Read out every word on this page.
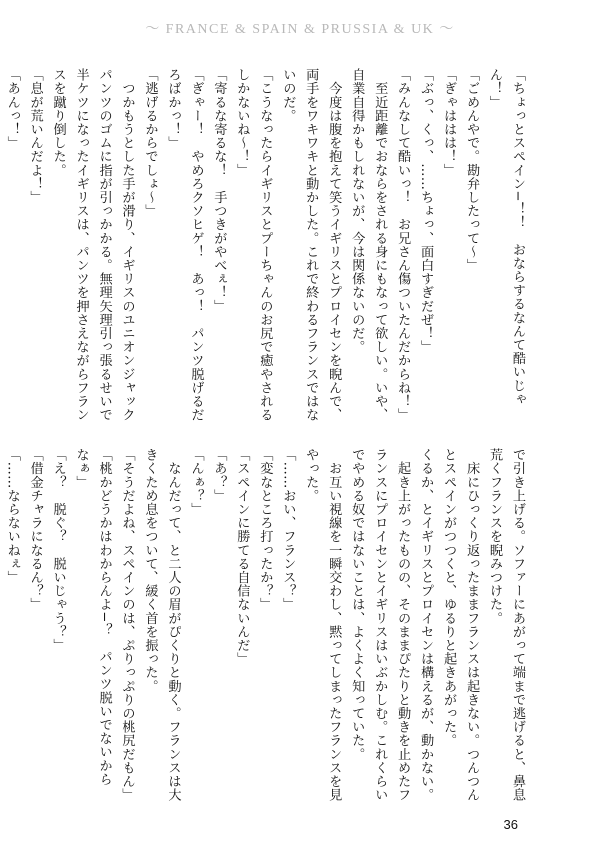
〜 FRANCE & SPAIN & PRUSSIA & UK 〜
「ちょっとスペイン−！！　おならするなんて酷いじゃ
ん！」
「ごめんやで。勘弁したって〜」
「ぎゃははは！」
「ぶっ、くっ、……ちょっ、面白すぎだぜ！」
「みんなして酷いっ！　お兄さん傷ついたんだからね！」
　至近距離でおならをされる身にもなって欲しい。いや、
自業自得かもしれないが、今は関係ないのだ。
　今度は腹を抱えて笑うイギリスとプロイセンを睨んで、
両手をワキワキと動かした。これで終わるフランスではな
いのだ。
「こうなったらイギリスとプーちゃんのお尻で癒やされる
しかないね〜！」
「寄るな寄るな！　手つきがやべぇ！」
「ぎゃー！　やめろクソヒゲ！　あっ！　パンツ脱げるだ
ろばかっ！」
「逃げるからでしょ〜」
　つかもうとした手が滑り、イギリスのユニオンジャック
パンツのゴムに指が引っかかる。無理矢理引っ張るせいで
半ケツになったイギリスは、パンツを押さえながらフラン
スを蹴り倒した。
「息が荒いんだよ！」
「あんっ！」
で引き上げる。ソファーにあがって端まで逃げると、鼻息
荒くフランスを睨みつけた。
　床にひっくり返ったままフランスは起きない。つんつん
とスペインがつつくと、ゆるりと起きあがった。
くるか、とイギリスとプロイセンは構えるが、動かない。
　起き上がったものの、そのままぴたりと動きを止めたフ
ランスにプロイセンとイギリスはいぶかしむ。これくらい
でやめる奴ではないことは、よくよく知っていた。
　お互い視線を一瞬交わし、黙ってしまったフランスを見
やった。
「……おい、フランス？」
「変なところ打ったか？」
「スペインに勝てる自信ないんだ」
「あ？」
「んぁ？」
　なんだって、と二人の眉がぴくりと動く。フランスは大
きくため息をついて、緩く首を振った。
「そうだよね、スペインのは、ぷりっぷりの桃尻だもん」
「桃かどうかはわからんよ−？　パンツ脱いでないから
なぁ」
「え？　脱ぐ？　脱いじゃう？」
「借金チャラになるん？」
「……ならないねぇ」
36
